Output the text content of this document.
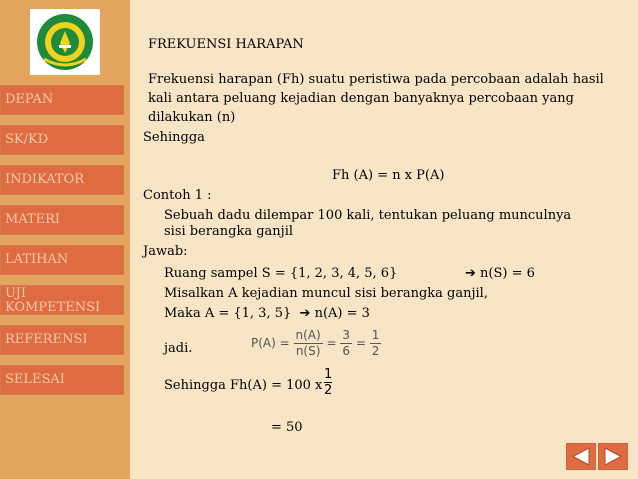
DEPAN
SK/KD
INDIKATOR
MATERI
LATIHAN
UJI KOMPETENSI
REFERENSI
SELESAI
FREKUENSI HARAPAN
Frekuensi harapan (Fh) suatu peristiwa pada percobaan adalah hasil
kali antara peluang kejadian dengan banyaknya percobaan yang
dilakukan (n)
Sehingga
Fh (A) = n x P(A)
Contoh 1 :
Sebuah dadu dilempar 100 kali, tentukan peluang munculnya
sisi berangka ganjil
Jawab:
Ruang sampel S = {1, 2, 3, 4, 5, 6}	➔ n(S) = 6
Misalkan A kejadian muncul sisi berangka ganjil,
Maka A = {1, 3, 5}  ➔ n(A) = 3
jadi.	$P(A) = \frac{n(A)}{n(S)} = \frac{3}{6} = \frac{1}{2}$
Sehingga Fh(A) = 100 x $\frac{1}{2}$
= 50
